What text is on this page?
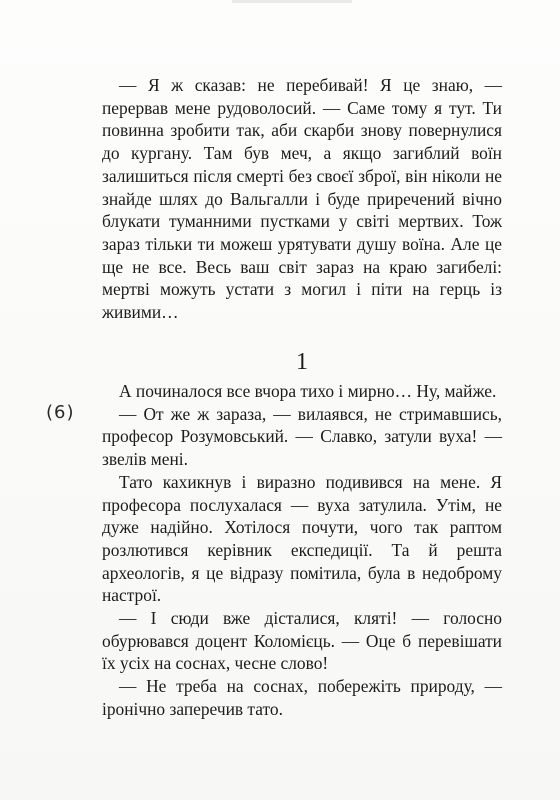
— Я ж сказав: не перебивай! Я це знаю, — перервав мене рудоволосий. — Саме тому я тут. Ти повинна зробити так, аби скарби знову повернулися до кургану. Там був меч, а якщо загиблий воїн залишиться після смерті без своєї зброї, він ніколи не знайде шлях до Вальгалли і буде приречений вічно блукати туманними пустками у світі мертвих. Тож зараз тільки ти можеш урятувати душу воїна. Але це ще не все. Весь ваш світ зараз на краю загибелі: мертві можуть устати з могил і піти на герць із живими…

1
(6)

А починалося все вчора тихо і мирно… Ну, майже.

— От же ж зараза, — вилаявся, не стримавшись, професор Розумовський. — Славко, затули вуха! — звелів мені.

Тато кахикнув і виразно подивився на мене. Я професора послухалася — вуха затулила. Утім, не дуже надійно. Хотілося почути, чого так раптом розлютився керівник експедиції. Та й решта археологів, я це відразу помітила, була в недоброму настрої.

— І сюди вже дісталися, кляті! — голосно обурювався доцент Коломієць. — Оце б перевішати їх усіх на соснах, чесне слово!

— Не треба на соснах, побережіть природу, — іронічно заперечив тато.
